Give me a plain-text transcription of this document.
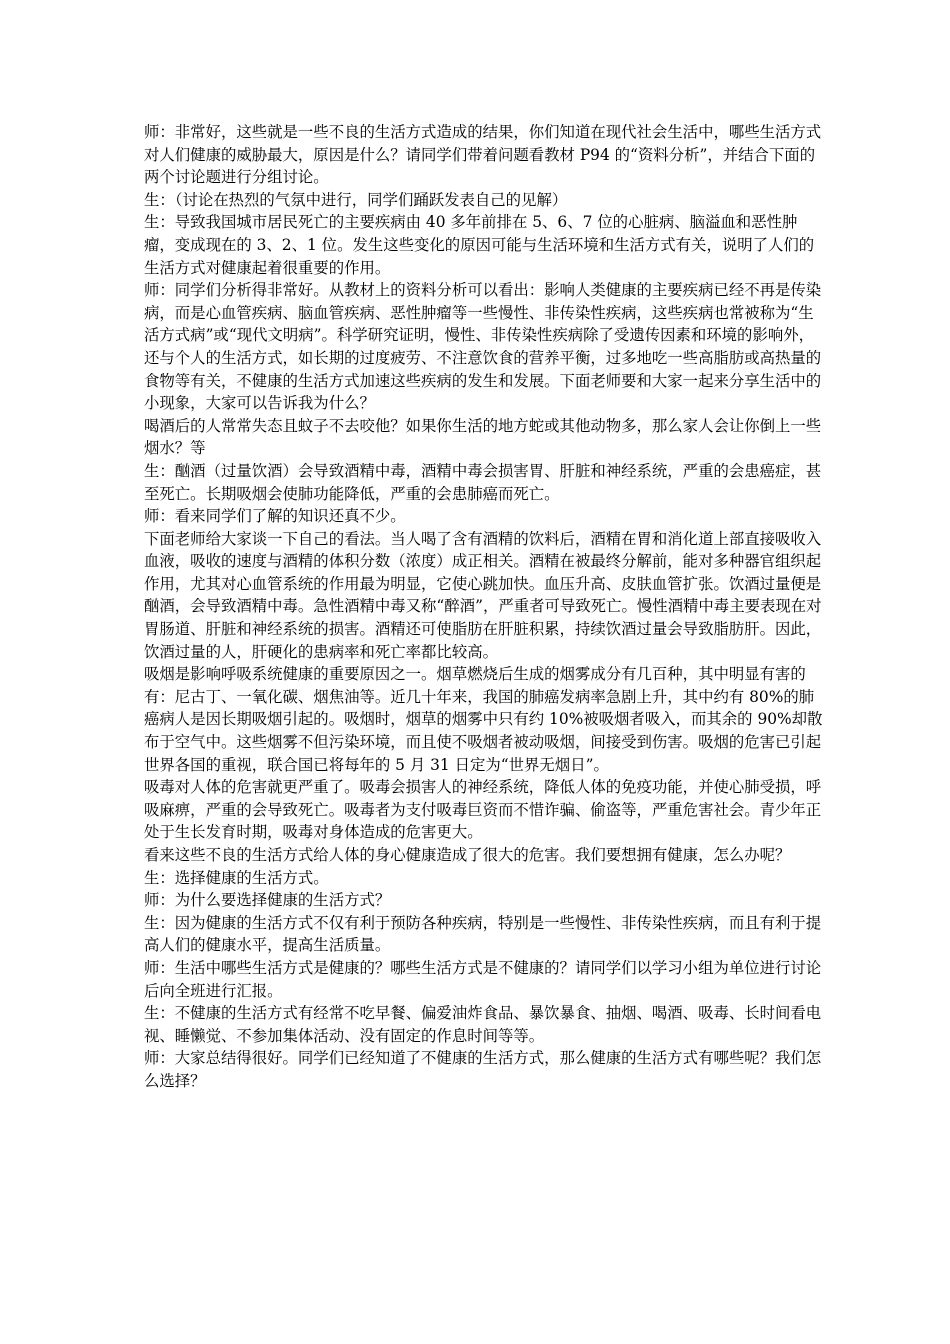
师：非常好，这些就是一些不良的生活方式造成的结果，你们知道在现代社会生活中，哪些生活方式对人们健康的威胁最大，原因是什么？请同学们带着问题看教材 P94 的“资料分析”，并结合下面的两个讨论题进行分组讨论。

生：（讨论在热烈的气氛中进行，同学们踊跃发表自己的见解）

生：导致我国城市居民死亡的主要疾病由 40 多年前排在 5、6、7 位的心脏病、脑溢血和恶性肿瘤，变成现在的 3、2、1 位。发生这些变化的原因可能与生活环境和生活方式有关，说明了人们的生活方式对健康起着很重要的作用。

师：同学们分析得非常好。从教材上的资料分析可以看出：影响人类健康的主要疾病已经不再是传染病，而是心血管疾病、脑血管疾病、恶性肿瘤等一些慢性、非传染性疾病，这些疾病也常被称为“生活方式病”或“现代文明病”。科学研究证明，慢性、非传染性疾病除了受遗传因素和环境的影响外，还与个人的生活方式，如长期的过度疲劳、不注意饮食的营养平衡，过多地吃一些高脂肪或高热量的食物等有关，不健康的生活方式加速这些疾病的发生和发展。下面老师要和大家一起来分享生活中的小现象，大家可以告诉我为什么？

喝酒后的人常常失态且蚊子不去咬他？如果你生活的地方蛇或其他动物多，那么家人会让你倒上一些烟水？等

生：酗酒（过量饮酒）会导致酒精中毒，酒精中毒会损害胃、肝脏和神经系统，严重的会患癌症，甚至死亡。长期吸烟会使肺功能降低，严重的会患肺癌而死亡。

师：看来同学们了解的知识还真不少。

下面老师给大家谈一下自己的看法。当人喝了含有酒精的饮料后，酒精在胃和消化道上部直接吸收入血液，吸收的速度与酒精的体积分数（浓度）成正相关。酒精在被最终分解前，能对多种器官组织起作用，尤其对心血管系统的作用最为明显，它使心跳加快。血压升高、皮肤血管扩张。饮酒过量便是酗酒，会导致酒精中毒。急性酒精中毒又称“醉酒”，严重者可导致死亡。慢性酒精中毒主要表现在对胃肠道、肝脏和神经系统的损害。酒精还可使脂肪在肝脏积累，持续饮酒过量会导致脂肪肝。因此，饮酒过量的人，肝硬化的患病率和死亡率都比较高。

吸烟是影响呼吸系统健康的重要原因之一。烟草燃烧后生成的烟雾成分有几百种，其中明显有害的有：尼古丁、一氧化碳、烟焦油等。近几十年来，我国的肺癌发病率急剧上升，其中约有 80%的肺癌病人是因长期吸烟引起的。吸烟时，烟草的烟雾中只有约 10%被吸烟者吸入，而其余的 90%却散布于空气中。这些烟雾不但污染环境，而且使不吸烟者被动吸烟，间接受到伤害。吸烟的危害已引起世界各国的重视，联合国已将每年的 5 月 31 日定为“世界无烟日”。

吸毒对人体的危害就更严重了。吸毒会损害人的神经系统，降低人体的免疫功能，并使心肺受损，呼吸麻痹，严重的会导致死亡。吸毒者为支付吸毒巨资而不惜诈骗、偷盗等，严重危害社会。青少年正处于生长发育时期，吸毒对身体造成的危害更大。

看来这些不良的生活方式给人体的身心健康造成了很大的危害。我们要想拥有健康，怎么办呢？

生：选择健康的生活方式。

师：为什么要选择健康的生活方式？

生：因为健康的生活方式不仅有利于预防各种疾病，特别是一些慢性、非传染性疾病，而且有利于提高人们的健康水平，提高生活质量。

师：生活中哪些生活方式是健康的？哪些生活方式是不健康的？请同学们以学习小组为单位进行讨论后向全班进行汇报。

生：不健康的生活方式有经常不吃早餐、偏爱油炸食品、暴饮暴食、抽烟、喝酒、吸毒、长时间看电视、睡懒觉、不参加集体活动、没有固定的作息时间等等。

师：大家总结得很好。同学们已经知道了不健康的生活方式，那么健康的生活方式有哪些呢？我们怎么选择？
